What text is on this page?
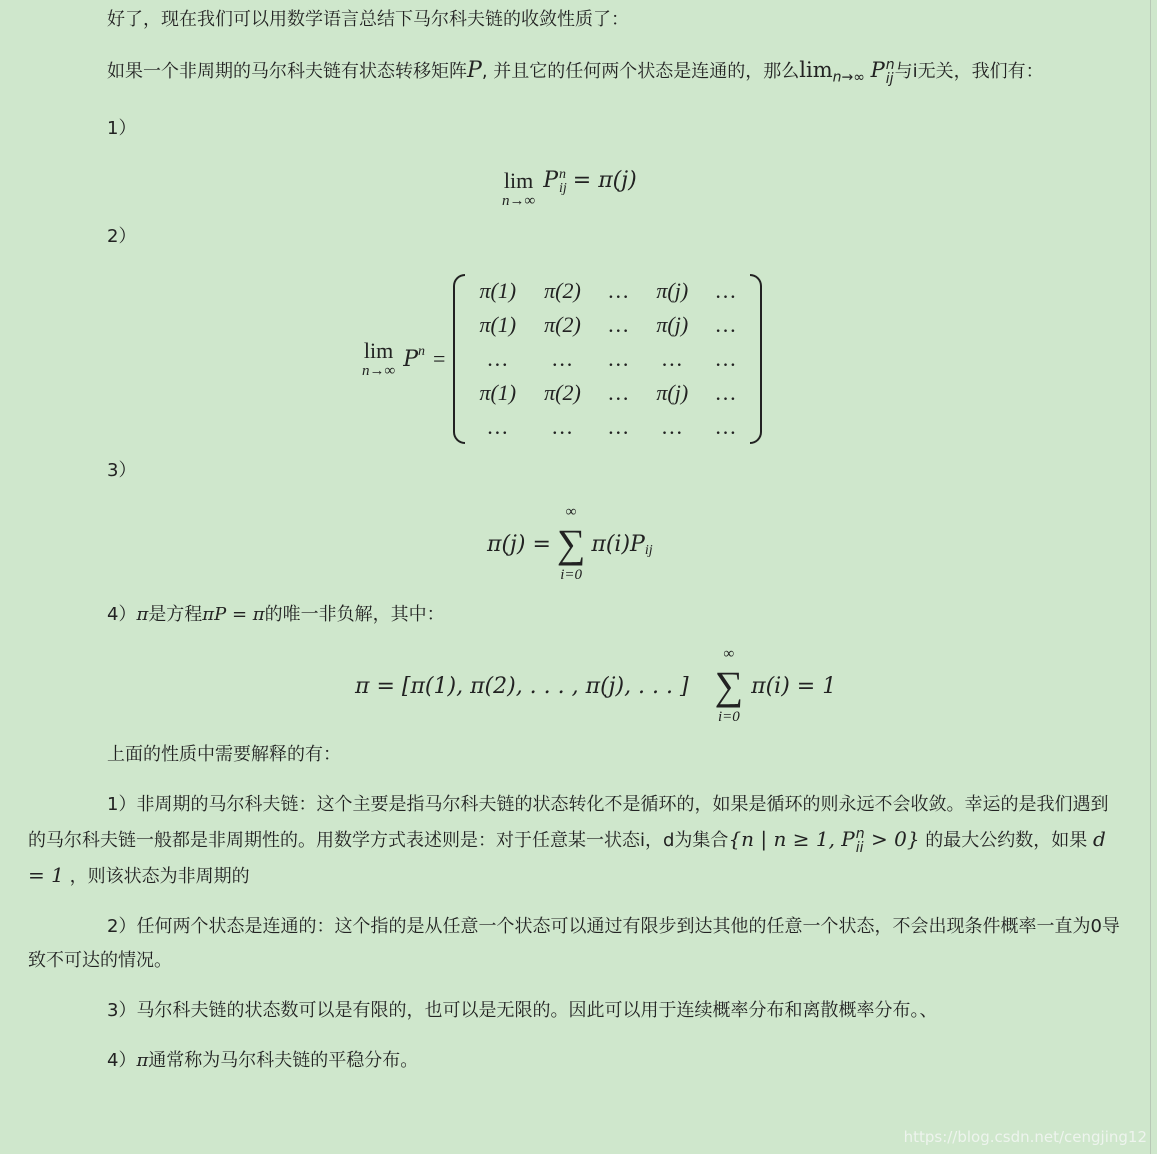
好了，现在我们可以用数学语言总结下马尔科夫链的收敛性质了：

如果一个非周期的马尔科夫链有状态转移矩阵P, 并且它的任何两个状态是连通的，那么$\lim_{n\to\infty} P$ n
ij 与i无关，我们有：

1）

lim
n→∞
P n
ij = π(j)

2）

lim
n→∞ $P^n$ =
π(1)	π(2)	…	π(j)	…
π(1)	π(2)	…	π(j)	…
…	…	…	…	…
π(1)	π(2)	…	π(j)	…
…	…	…	…	…

3）

π(j) =
∞
∑
i=0
$\pi(i)P_{ij}$

4）π是方程πP = π的唯一非负解，其中：

π = [π(1), π(2), . . . , π(j), . . . ]
∞
∑
i=0
π(i) = 1

上面的性质中需要解释的有：

1）非周期的马尔科夫链：这个主要是指马尔科夫链的状态转化不是循环的，如果是循环的则永远不会收敛。幸运的是我们遇到的马尔科夫链一般都是非周期性的。用数学方式表述则是：对于任意某一状态i，d为集合{n | n ≥ 1, P n
ii > 0} 的最大公约数，如果 d = 1 ，则该状态为非周期的

2）任何两个状态是连通的：这个指的是从任意一个状态可以通过有限步到达其他的任意一个状态，不会出现条件概率一直为0导致不可达的情况。

3）马尔科夫链的状态数可以是有限的，也可以是无限的。因此可以用于连续概率分布和离散概率分布。、

4）π通常称为马尔科夫链的平稳分布。

https://blog.csdn.net/cengjing12
